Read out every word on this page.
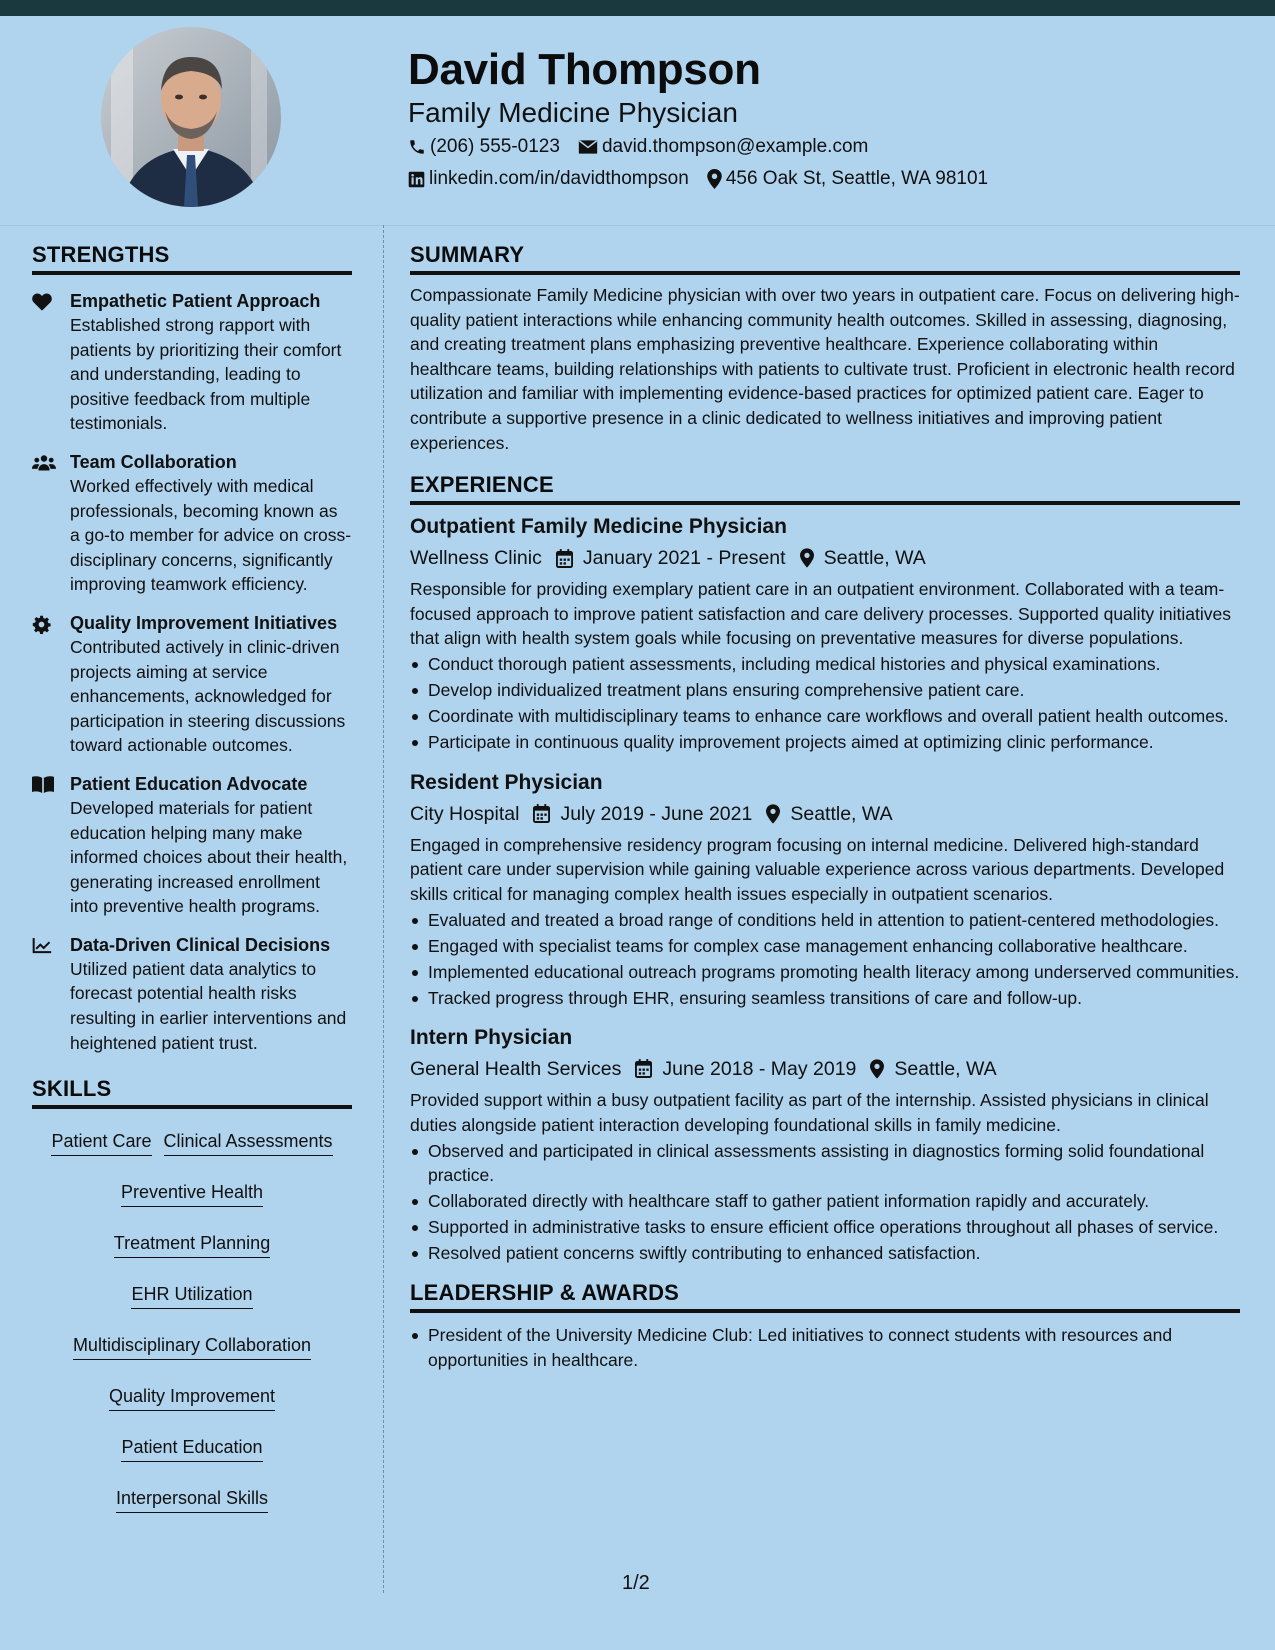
David Thompson
Family Medicine Physician
(206) 555-0123 david.thompson@example.com
linkedin.com/in/davidthompson 456 Oak St, Seattle, WA 98101
STRENGTHS
Empathetic Patient Approach
Established strong rapport with patients by prioritizing their comfort and understanding, leading to positive feedback from multiple testimonials.
Team Collaboration
Worked effectively with medical professionals, becoming known as a go-to member for advice on cross-disciplinary concerns, significantly improving teamwork efficiency.
Quality Improvement Initiatives
Contributed actively in clinic-driven projects aiming at service enhancements, acknowledged for participation in steering discussions toward actionable outcomes.
Patient Education Advocate
Developed materials for patient education helping many make informed choices about their health, generating increased enrollment into preventive health programs.
Data-Driven Clinical Decisions
Utilized patient data analytics to forecast potential health risks resulting in earlier interventions and heightened patient trust.
SKILLS
Patient Care Clinical Assessments
Preventive Health
Treatment Planning
EHR Utilization
Multidisciplinary Collaboration
Quality Improvement
Patient Education
Interpersonal Skills
SUMMARY
Compassionate Family Medicine physician with over two years in outpatient care. Focus on delivering high-quality patient interactions while enhancing community health outcomes. Skilled in assessing, diagnosing, and creating treatment plans emphasizing preventive healthcare. Experience collaborating within healthcare teams, building relationships with patients to cultivate trust. Proficient in electronic health record utilization and familiar with implementing evidence-based practices for optimized patient care. Eager to contribute a supportive presence in a clinic dedicated to wellness initiatives and improving patient experiences.
EXPERIENCE
Outpatient Family Medicine Physician
Wellness Clinic January 2021 - Present Seattle, WA
Responsible for providing exemplary patient care in an outpatient environment. Collaborated with a team-focused approach to improve patient satisfaction and care delivery processes. Supported quality initiatives that align with health system goals while focusing on preventative measures for diverse populations.
Conduct thorough patient assessments, including medical histories and physical examinations.
Develop individualized treatment plans ensuring comprehensive patient care.
Coordinate with multidisciplinary teams to enhance care workflows and overall patient health outcomes.
Participate in continuous quality improvement projects aimed at optimizing clinic performance.
Resident Physician
City Hospital July 2019 - June 2021 Seattle, WA
Engaged in comprehensive residency program focusing on internal medicine. Delivered high-standard patient care under supervision while gaining valuable experience across various departments. Developed skills critical for managing complex health issues especially in outpatient scenarios.
Evaluated and treated a broad range of conditions held in attention to patient-centered methodologies.
Engaged with specialist teams for complex case management enhancing collaborative healthcare.
Implemented educational outreach programs promoting health literacy among underserved communities.
Tracked progress through EHR, ensuring seamless transitions of care and follow-up.
Intern Physician
General Health Services June 2018 - May 2019 Seattle, WA
Provided support within a busy outpatient facility as part of the internship. Assisted physicians in clinical duties alongside patient interaction developing foundational skills in family medicine.
Observed and participated in clinical assessments assisting in diagnostics forming solid foundational practice.
Collaborated directly with healthcare staff to gather patient information rapidly and accurately.
Supported in administrative tasks to ensure efficient office operations throughout all phases of service.
Resolved patient concerns swiftly contributing to enhanced satisfaction.
LEADERSHIP & AWARDS
President of the University Medicine Club: Led initiatives to connect students with resources and opportunities in healthcare.
1/2
